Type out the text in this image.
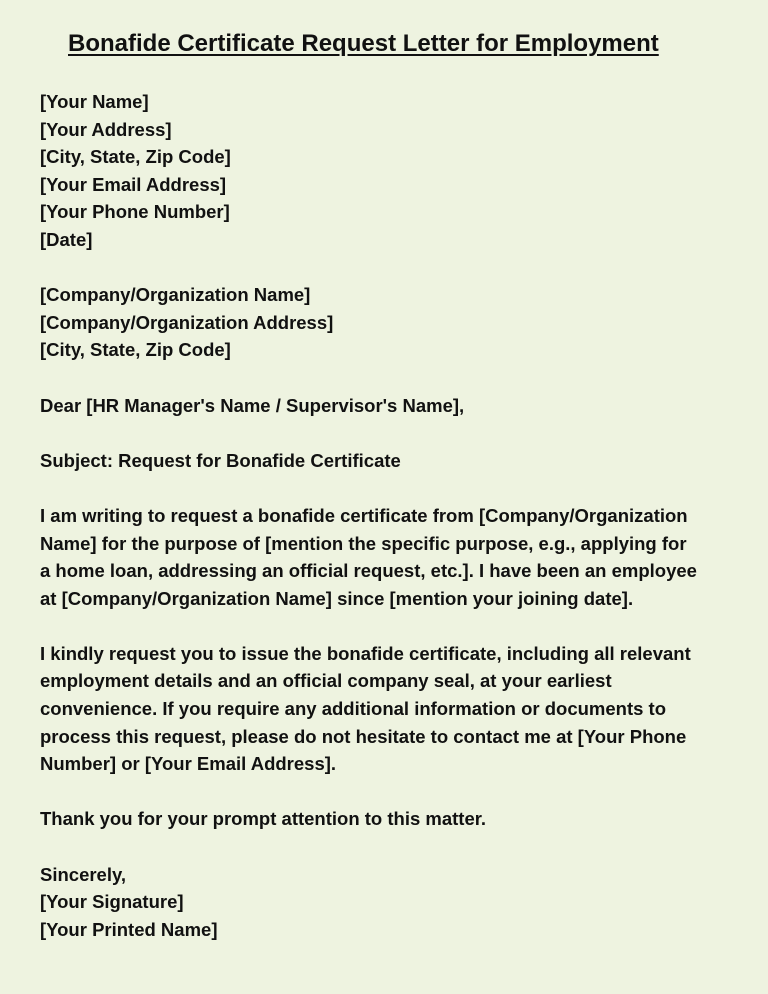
Bonafide Certificate Request Letter for Employment
[Your Name]
[Your Address]
[City, State, Zip Code]
[Your Email Address]
[Your Phone Number]
[Date]
[Company/Organization Name]
[Company/Organization Address]
[City, State, Zip Code]
Dear [HR Manager's Name / Supervisor's Name],
Subject: Request for Bonafide Certificate
I am writing to request a bonafide certificate from [Company/Organization
Name] for the purpose of [mention the specific purpose, e.g., applying for
a home loan, addressing an official request, etc.]. I have been an employee
at [Company/Organization Name] since [mention your joining date].
I kindly request you to issue the bonafide certificate, including all relevant
employment details and an official company seal, at your earliest
convenience. If you require any additional information or documents to
process this request, please do not hesitate to contact me at [Your Phone
Number] or [Your Email Address].
Thank you for your prompt attention to this matter.
Sincerely,
[Your Signature]
[Your Printed Name]
